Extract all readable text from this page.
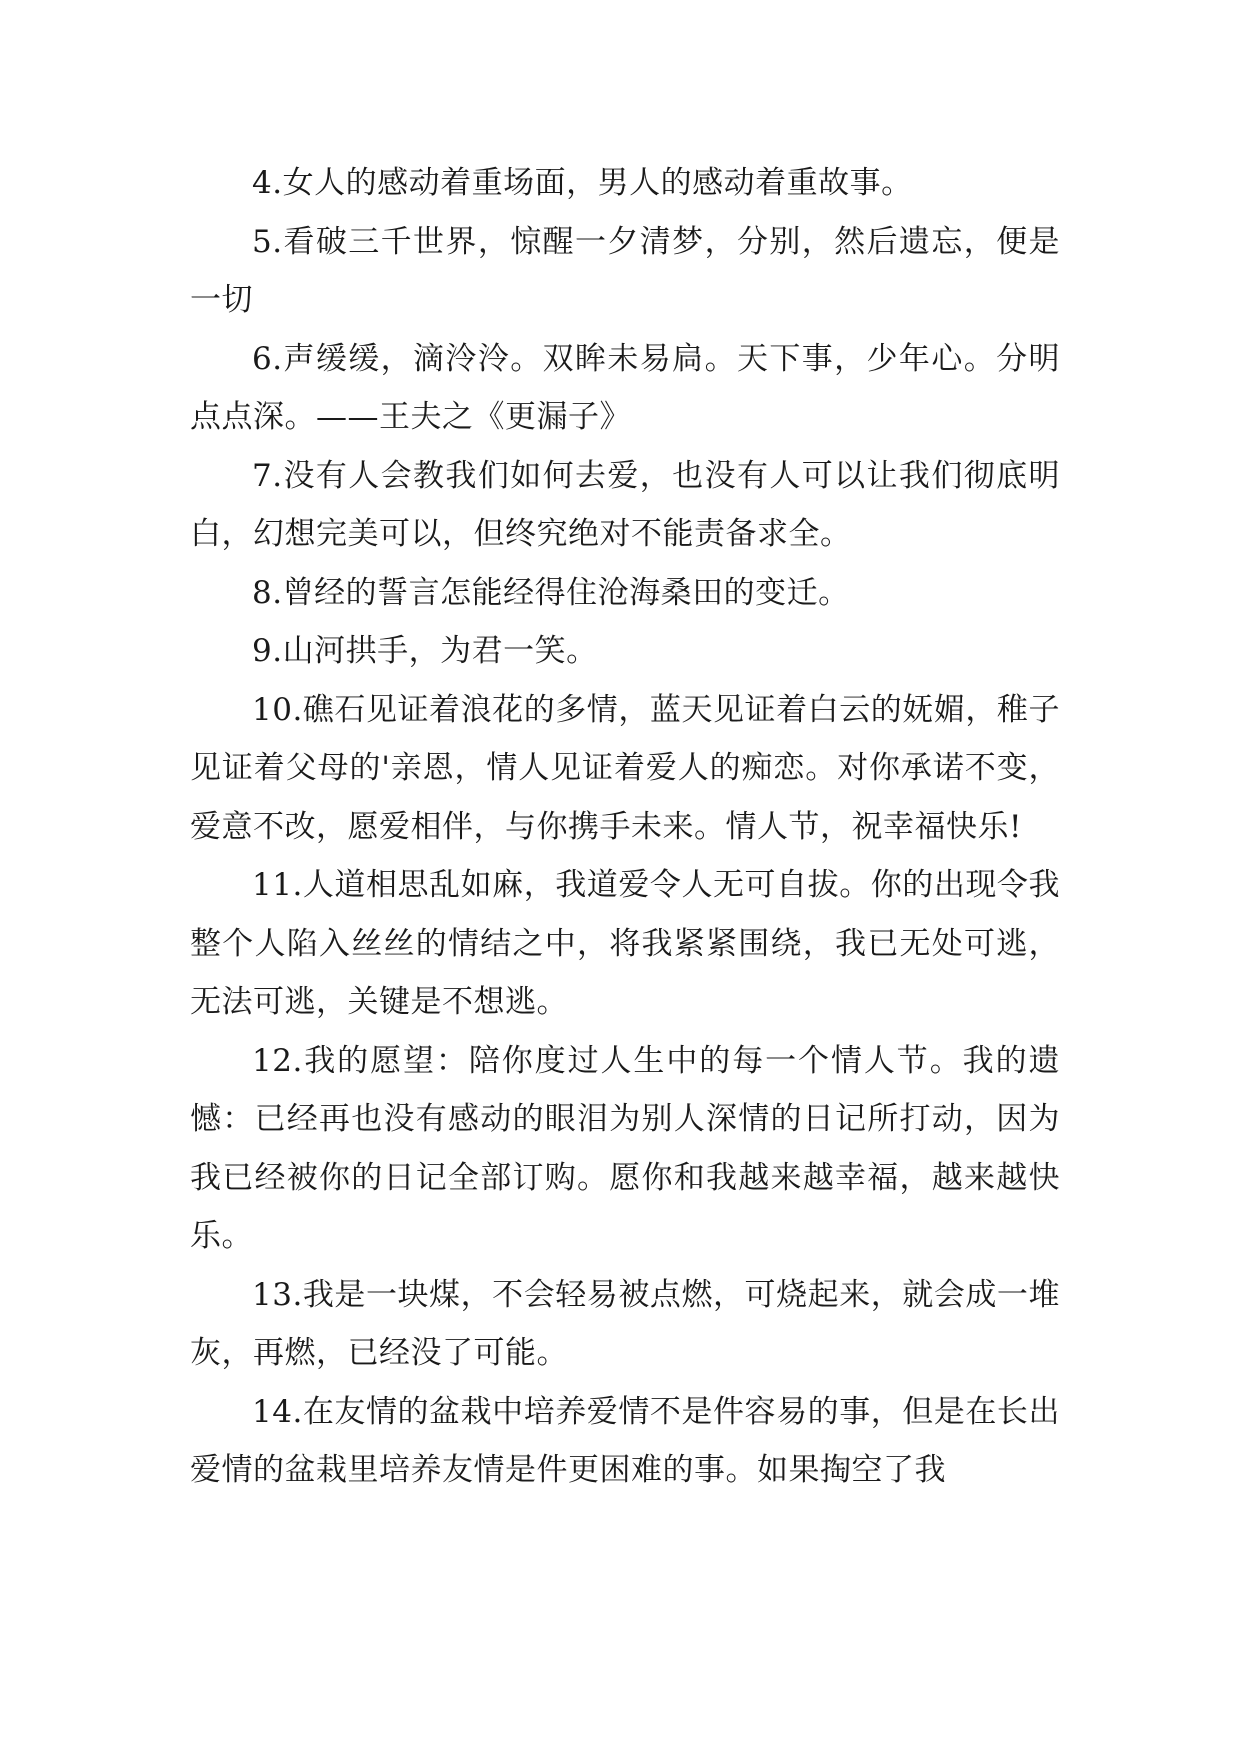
4.女人的感动着重场面，男人的感动着重故事。

5.看破三千世界，惊醒一夕清梦，分别，然后遗忘，便是一切

6.声缓缓，滴泠泠。双眸未易扃。天下事，少年心。分明点点深。——王夫之《更漏子》

7.没有人会教我们如何去爱，也没有人可以让我们彻底明白，幻想完美可以，但终究绝对不能责备求全。

8.曾经的誓言怎能经得住沧海桑田的变迁。

9.山河拱手，为君一笑。

10.礁石见证着浪花的多情，蓝天见证着白云的妩媚，稚子见证着父母的'亲恩，情人见证着爱人的痴恋。对你承诺不变，爱意不改，愿爱相伴，与你携手未来。情人节，祝幸福快乐!

11.人道相思乱如麻，我道爱令人无可自拔。你的出现令我整个人陷入丝丝的情结之中，将我紧紧围绕，我已无处可逃，无法可逃，关键是不想逃。

12.我的愿望：陪你度过人生中的每一个情人节。我的遗憾：已经再也没有感动的眼泪为别人深情的日记所打动，因为我已经被你的日记全部订购。愿你和我越来越幸福，越来越快乐。

13.我是一块煤，不会轻易被点燃，可烧起来，就会成一堆灰，再燃，已经没了可能。

14.在友情的盆栽中培养爱情不是件容易的事，但是在长出爱情的盆栽里培养友情是件更困难的事。如果掏空了我
